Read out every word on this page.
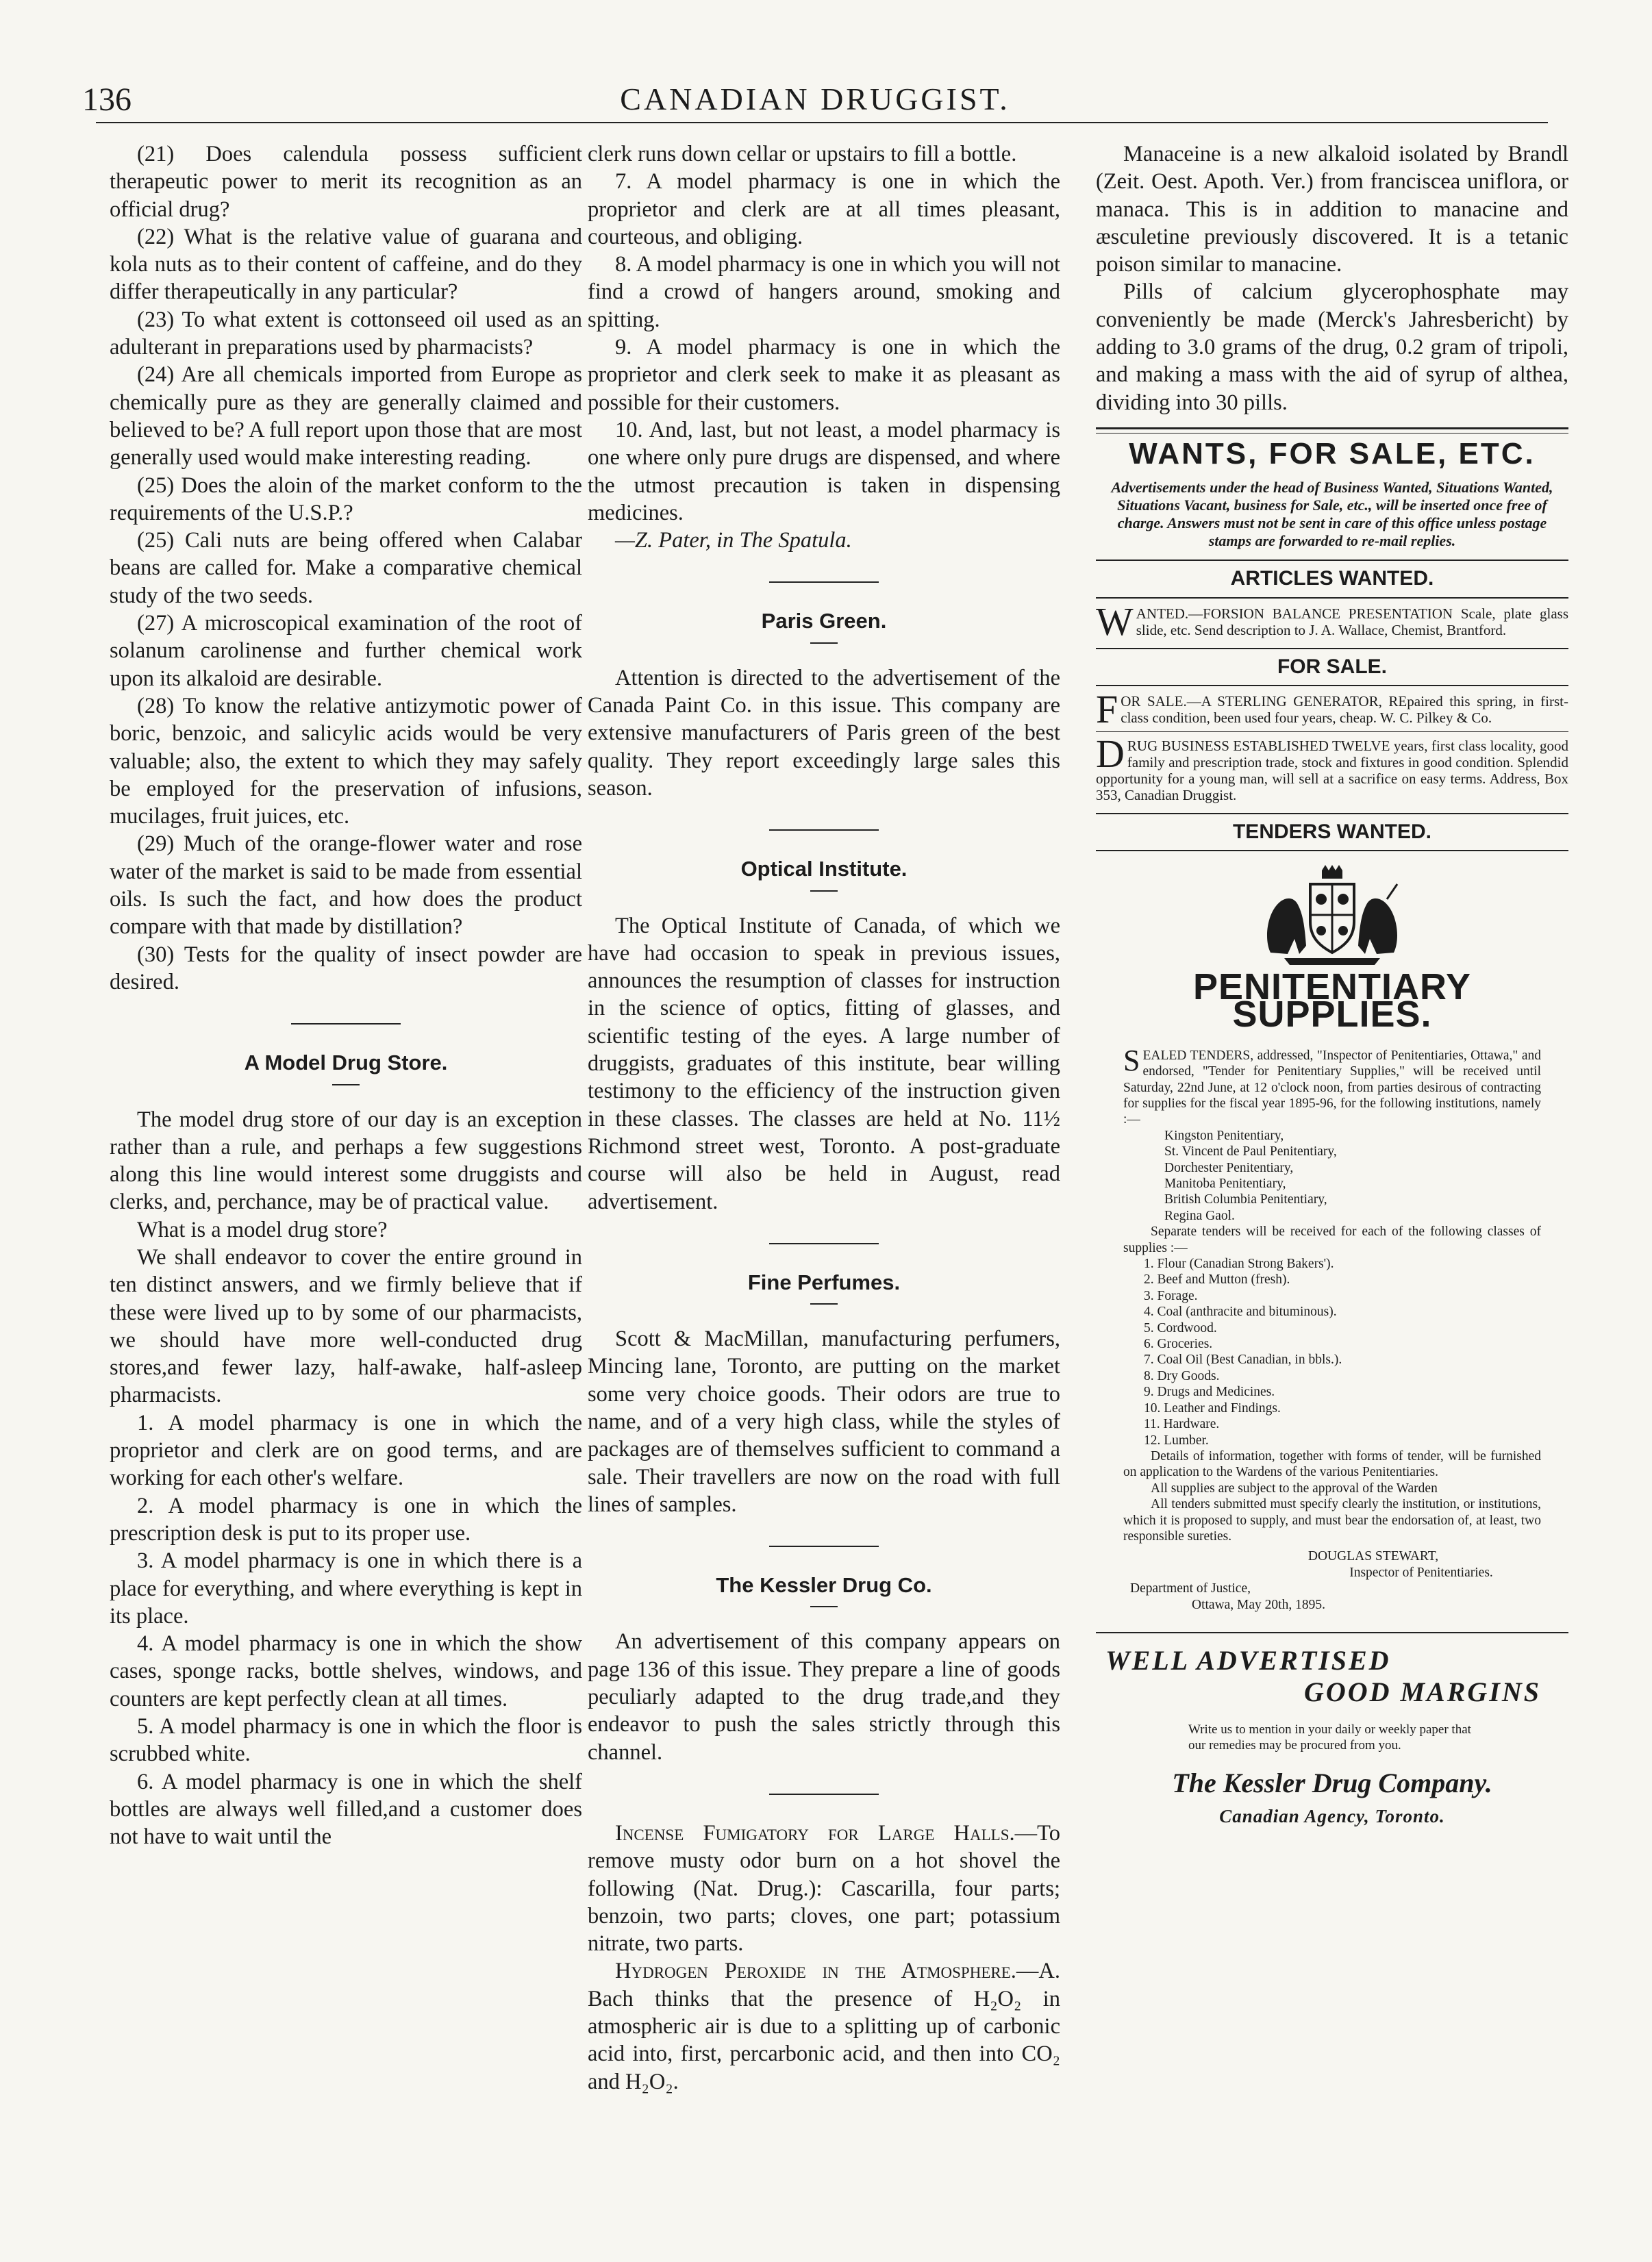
136	CANADIAN DRUGGIST.

(21) Does calendula possess sufficient therapeutic power to merit its recognition as an official drug?

(22) What is the relative value of guarana and kola nuts as to their content of caffeine, and do they differ therapeutically in any particular?

(23) To what extent is cottonseed oil used as an adulterant in preparations used by pharmacists?

(24) Are all chemicals imported from Europe as chemically pure as they are generally claimed and believed to be? A full report upon those that are most generally used would make interesting reading.

(25) Does the aloin of the market conform to the requirements of the U.S.P.?

(25) Cali nuts are being offered when Calabar beans are called for. Make a comparative chemical study of the two seeds.

(27) A microscopical examination of the root of solanum carolinense and further chemical work upon its alkaloid are desirable.

(28) To know the relative antizymotic power of boric, benzoic, and salicylic acids would be very valuable; also, the extent to which they may safely be employed for the preservation of infusions, mucilages, fruit juices, etc.

(29) Much of the orange-flower water and rose water of the market is said to be made from essential oils. Is such the fact, and how does the product compare with that made by distillation?

(30) Tests for the quality of insect powder are desired.

A Model Drug Store.

The model drug store of our day is an exception rather than a rule, and perhaps a few suggestions along this line would interest some druggists and clerks, and, perchance, may be of practical value.

What is a model drug store?

We shall endeavor to cover the entire ground in ten distinct answers, and we firmly believe that if these were lived up to by some of our pharmacists, we should have more well-conducted drug stores,and fewer lazy, half-awake, half-asleep pharmacists.

1. A model pharmacy is one in which the proprietor and clerk are on good terms, and are working for each other's welfare.

2. A model pharmacy is one in which the prescription desk is put to its proper use.

3. A model pharmacy is one in which there is a place for everything, and where everything is kept in its place.

4. A model pharmacy is one in which the show cases, sponge racks, bottle shelves, windows, and counters are kept perfectly clean at all times.

5. A model pharmacy is one in which the floor is scrubbed white.

6. A model pharmacy is one in which the shelf bottles are always well filled,and a customer does not have to wait until the

clerk runs down cellar or upstairs to fill a bottle.

7. A model pharmacy is one in which the proprietor and clerk are at all times pleasant, courteous, and obliging.

8. A model pharmacy is one in which you will not find a crowd of hangers around, smoking and spitting.

9. A model pharmacy is one in which the proprietor and clerk seek to make it as pleasant as possible for their customers.

10. And, last, but not least, a model pharmacy is one where only pure drugs are dispensed, and where the utmost precaution is taken in dispensing medicines.

—Z. Pater, in The Spatula.

Paris Green.

Attention is directed to the advertisement of the Canada Paint Co. in this issue. This company are extensive manufacturers of Paris green of the best quality. They report exceedingly large sales this season.

Optical Institute.

The Optical Institute of Canada, of which we have had occasion to speak in previous issues, announces the resumption of classes for instruction in the science of optics, fitting of glasses, and scientific testing of the eyes. A large number of druggists, graduates of this institute, bear willing testimony to the efficiency of the instruction given in these classes. The classes are held at No. 11½ Richmond street west, Toronto. A post-graduate course will also be held in August, read advertisement.

Fine Perfumes.

Scott & MacMillan, manufacturing perfumers, Mincing lane, Toronto, are putting on the market some very choice goods. Their odors are true to name, and of a very high class, while the styles of packages are of themselves sufficient to command a sale. Their travellers are now on the road with full lines of samples.

The Kessler Drug Co.

An advertisement of this company appears on page 136 of this issue. They prepare a line of goods peculiarly adapted to the drug trade,and they endeavor to push the sales strictly through this channel.

Incense Fumigatory for Large Halls.—To remove musty odor burn on a hot shovel the following (Nat. Drug.): Cascarilla, four parts; benzoin, two parts; cloves, one part; potassium nitrate, two parts.

Hydrogen Peroxide in the Atmosphere.—A. Bach thinks that the presence of H₂O₂ in atmospheric air is due to a splitting up of carbonic acid into, first, percarbonic acid, and then into CO₂ and H₂O₂.

Manaceine is a new alkaloid isolated by Brandl (Zeit. Oest. Apoth. Ver.) from franciscea uniflora, or manaca. This is in addition to manacine and æsculetine previously discovered. It is a tetanic poison similar to manacine.

Pills of calcium glycerophosphate may conveniently be made (Merck's Jahresbericht) by adding to 3.0 grams of the drug, 0.2 gram of tripoli, and making a mass with the aid of syrup of althea, dividing into 30 pills.

WANTS, FOR SALE, ETC.
Advertisements under the head of Business Wanted, Situations Wanted, Situations Vacant, business for Sale, etc., will be inserted once free of charge. Answers must not be sent in care of this office unless postage stamps are forwarded to re-mail replies.
ARTICLES WANTED.
WANTED.—FORSION BALANCE PRESENTATION Scale, plate glass slide, etc. Send description to J. A. Wallace, Chemist, Brantford.
FOR SALE.
FOR SALE.—A STERLING GENERATOR, REpaired this spring, in first-class condition, been used four years, cheap. W. C. Pilkey & Co.
DRUG BUSINESS ESTABLISHED TWELVE years, first class locality, good family and prescription trade, stock and fixtures in good condition. Splendid opportunity for a young man, will sell at a sacrifice on easy terms. Address, Box 353, Canadian Druggist.
TENDERS WANTED.
PENITENTIARY SUPPLIES.

SEALED TENDERS, addressed, "Inspector of Penitentiaries, Ottawa," and endorsed, "Tender for Penitentiary Supplies," will be received until Saturday, 22nd June, at 12 o'clock noon, from parties desirous of contracting for supplies for the fiscal year 1895-96, for the following institutions, namely :—

Kingston Penitentiary,
St. Vincent de Paul Penitentiary,
Dorchester Penitentiary,
Manitoba Penitentiary,
British Columbia Penitentiary,
Regina Gaol.

Separate tenders will be received for each of the following classes of supplies :—

1. Flour (Canadian Strong Bakers').
2. Beef and Mutton (fresh).
3. Forage.
4. Coal (anthracite and bituminous).
5. Cordwood.
6. Groceries.
7. Coal Oil (Best Canadian, in bbls.).
8. Dry Goods.
9. Drugs and Medicines.
10. Leather and Findings.
11. Hardware.
12. Lumber.

Details of information, together with forms of tender, will be furnished on application to the Wardens of the various Penitentiaries.

All supplies are subject to the approval of the Warden

All tenders submitted must specify clearly the institution, or institutions, which it is proposed to supply, and must bear the endorsation of, at least, two responsible sureties.

DOUGLAS STEWART,
Inspector of Penitentiaries.
Department of Justice,
Ottawa, May 20th, 1895.
WELL ADVERTISED
GOOD MARGINS
Write us to mention in your daily or weekly paper that our remedies may be procured from you.
The Kessler Drug Company.
Canadian Agency, Toronto.
